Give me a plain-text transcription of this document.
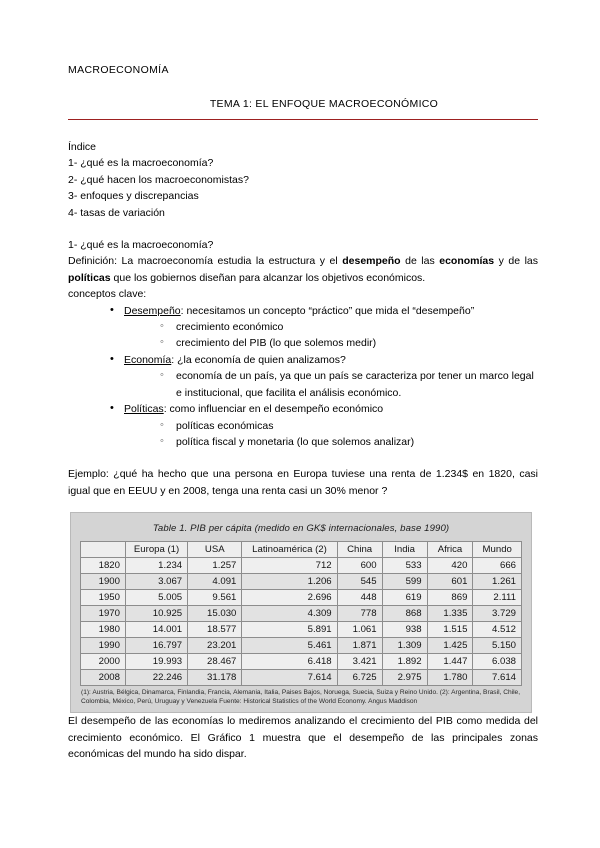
MACROECONOMÍA
TEMA 1: EL ENFOQUE MACROECONÓMICO
Índice
1- ¿qué es la macroeconomía?
2- ¿qué hacen los macroeconomistas?
3- enfoques y discrepancias
4- tasas de variación
1- ¿qué es la macroeconomía?

Definición: La macroeconomía estudia la estructura y el desempeño de las economías y de las políticas que los gobiernos diseñan para alcanzar los objetivos económicos.

conceptos clave:
• Desempeño: necesitamos un concepto “práctico” que mida el “desempeño”
◦ crecimiento económico
◦ crecimiento del PIB (lo que solemos medir)
• Economía: ¿la economía de quien analizamos?
◦ economía de un país, ya que un país se caracteriza por tener un marco legal e institucional, que facilita el análisis económico.
• Políticas: como influenciar en el desempeño económico
◦ políticas económicas
◦ política fiscal y monetaria (lo que solemos analizar)

Ejemplo: ¿qué ha hecho que una persona en Europa tuviese una renta de 1.234$ en 1820, casi igual que en EEUU y en 2008, tenga una renta casi un 30% menor ?

Table 1. PIB per cápita (medido en GK$ internacionales, base 1990)
	Europa (1)	USA	Latinoamérica (2)	China	India	Africa	Mundo
1820	1.234	1.257	712	600	533	420	666
1900	3.067	4.091	1.206	545	599	601	1.261
1950	5.005	9.561	2.696	448	619	869	2.111
1970	10.925	15.030	4.309	778	868	1.335	3.729
1980	14.001	18.577	5.891	1.061	938	1.515	4.512
1990	16.797	23.201	5.461	1.871	1.309	1.425	5.150
2000	19.993	28.467	6.418	3.421	1.892	1.447	6.038
2008	22.246	31.178	7.614	6.725	2.975	1.780	7.614
(1): Austria, Bélgica, Dinamarca, Finlandia, Francia, Alemania, Italia, Paises Bajos, Noruega, Suecia, Suiza y Reino Unido. (2): Argentina, Brasil, Chile, Colombia, México, Perú, Uruguay y Venezuela Fuente: Historical Statistics of the World Economy. Angus Maddison

El desempeño de las economías lo mediremos analizando el crecimiento del PIB como medida del crecimiento económico. El Gráfico 1 muestra que el desempeño de las principales zonas económicas del mundo ha sido dispar.
